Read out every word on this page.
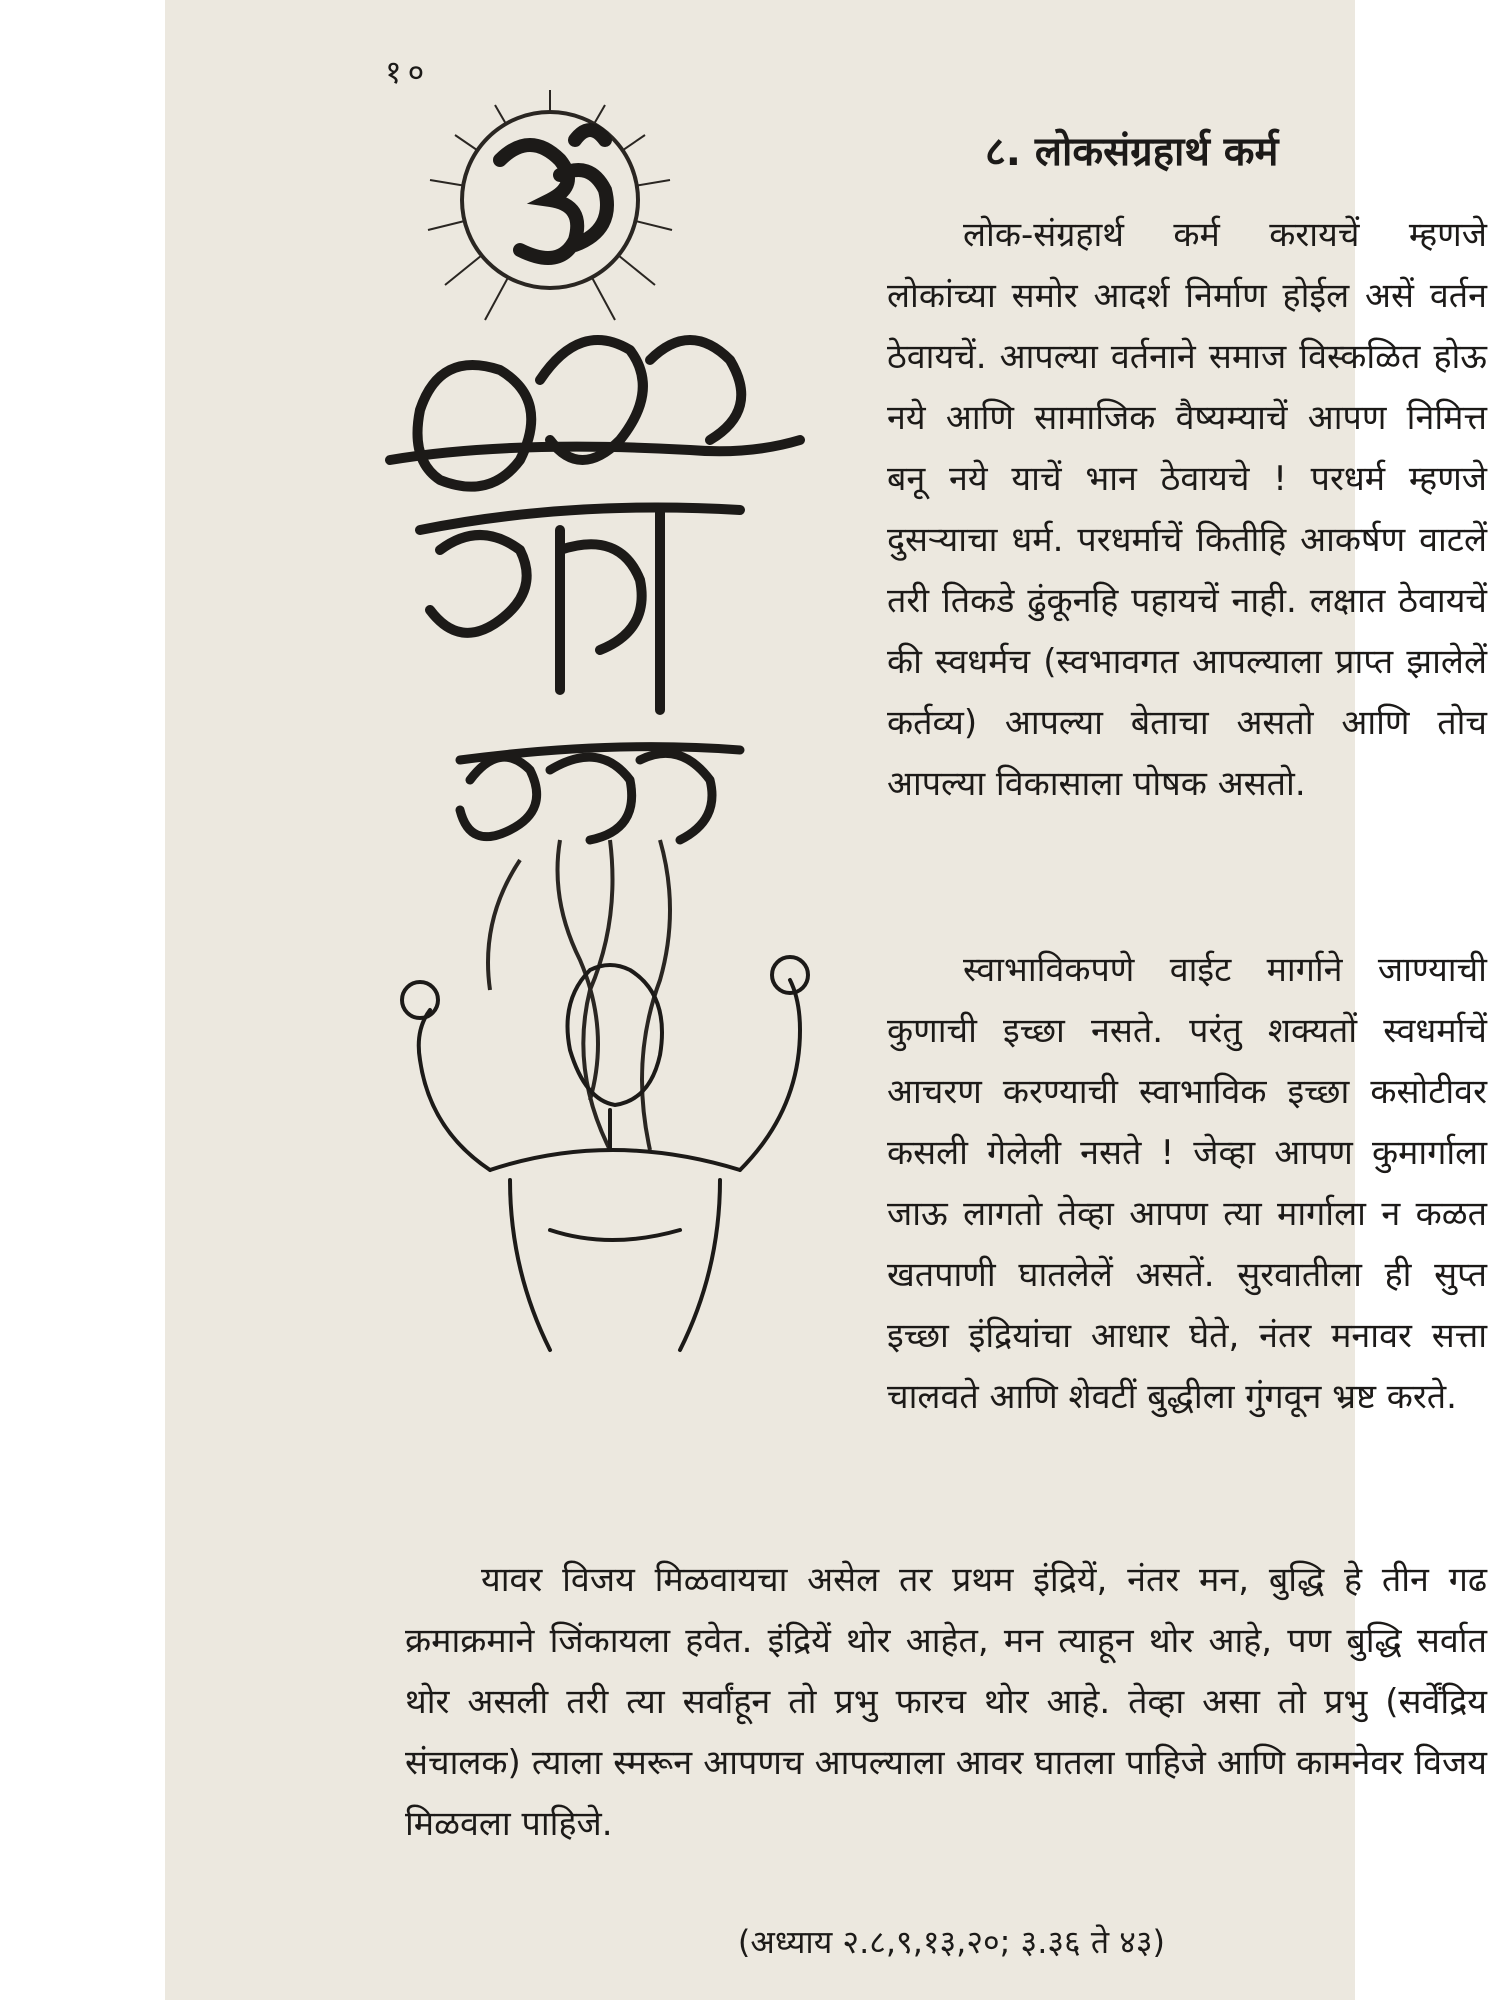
१०
८. लोकसंग्रहार्थ कर्म

लोक-संग्रहार्थ कर्म करायचें म्हणजे लोकांच्या समोर आदर्श निर्माण होईल असें वर्तन ठेवायचें. आपल्या वर्तनाने समाज विस्कळित होऊ नये आणि सामाजिक वैष्यम्याचें आपण निमित्त बनू नये याचें भान ठेवायचे ! परधर्म म्हणजे दुसऱ्याचा धर्म. परधर्माचें कितीहि आकर्षण वाटलें तरी तिकडे ढुंकूनहि पहायचें नाही. लक्षात ठेवायचें की स्वधर्मच (स्वभावगत आपल्याला प्राप्त झालेलें कर्तव्य) आपल्या बेताचा असतो आणि तोच आपल्या विकासाला पोषक असतो.

स्वाभाविकपणे वाईट मार्गाने जाण्याची कुणाची इच्छा नसते. परंतु शक्यतों स्वधर्माचें आचरण करण्याची स्वाभाविक इच्छा कसोटीवर कसली गेलेली नसते ! जेव्हा आपण कुमार्गाला जाऊ लागतो तेव्हा आपण त्या मार्गाला न कळत खतपाणी घातलेलें असतें. सुरवातीला ही सुप्त इच्छा इंद्रियांचा आधार घेते, नंतर मनावर सत्ता चालवते आणि शेवटीं बुद्धीला गुंगवून भ्रष्ट करते.

यावर विजय मिळवायचा असेल तर प्रथम इंद्रियें, नंतर मन, बुद्धि हे तीन गढ क्रमाक्रमाने जिंकायला हवेत. इंद्रियें थोर आहेत, मन त्याहून थोर आहे, पण बुद्धि सर्वात थोर असली तरी त्या सर्वांहून तो प्रभु फारच थोर आहे. तेव्हा असा तो प्रभु (सर्वेंद्रिय संचालक) त्याला स्मरून आपणच आपल्याला आवर घातला पाहिजे आणि कामनेवर विजय मिळवला पाहिजे.

(अध्याय २.८,९,१३,२०; ३.३६ ते ४३)
